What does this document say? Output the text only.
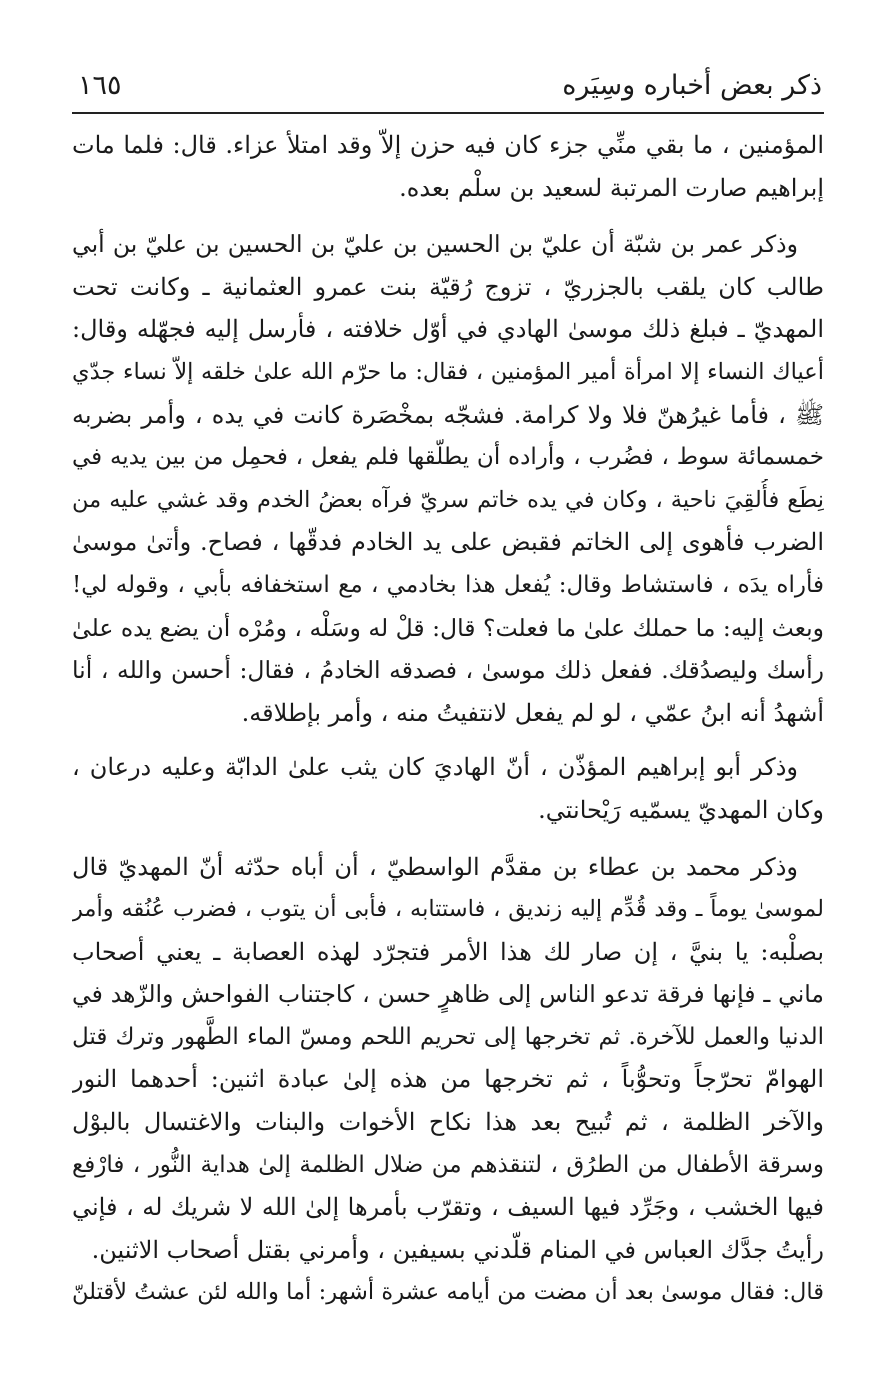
ذكر بعض أخباره وسِيَره
١٦٥
المؤمنين ، ما بقي منِّي جزء كان فيه حزن إلاّ وقد امتلأ عزاء. قال: فلما مات
إبراهيم صارت المرتبة لسعيد بن سلْم بعده.
وذكر عمر بن شبّة أن عليّ بن الحسين بن عليّ بن الحسين بن عليّ بن أبي
طالب كان يلقب بالجزريّ ، تزوج رُقيّة بنت عمرو العثمانية ـ وكانت تحت
المهديّ ـ فبلغ ذلك موسىٰ الهادي في أوّل خلافته ، فأرسل إليه فجهّله وقال:
أعياك النساء إلا امرأة أمير المؤمنين ، فقال: ما حرّم الله علىٰ خلقه إلاّ نساء جدّي
ﷺ ، فأما غيرُهنّ فلا ولا كرامة. فشجّه بمخْصَرة كانت في يده ، وأمر بضربه
خمسمائة سوط ، فضُرب ، وأراده أن يطلّقها فلم يفعل ، فحمِل من بين يديه في
نِطَع فأُلقِيَ ناحية ، وكان في يده خاتم سريّ فرآه بعضُ الخدم وقد غشي عليه من
الضرب فأهوى إلى الخاتم فقبض على يد الخادم فدقّها ، فصاح. وأتىٰ موسىٰ
فأراه يدَه ، فاستشاط وقال: يُفعل هذا بخادمي ، مع استخفافه بأبي ، وقوله لي!
وبعث إليه: ما حملك علىٰ ما فعلت؟ قال: قلْ له وسَلْه ، ومُرْه أن يضع يده علىٰ
رأسك وليصدُقك. ففعل ذلك موسىٰ ، فصدقه الخادمُ ، فقال: أحسن والله ، أنا
أشهدُ أنه ابنُ عمّي ، لو لم يفعل لانتفيتُ منه ، وأمر بإطلاقه.
وذكر أبو إبراهيم المؤذّن ، أنّ الهاديَ كان يثب علىٰ الدابّة وعليه درعان ،
وكان المهديّ يسمّيه رَيْحانتي.
وذكر محمد بن عطاء بن مقدَّم الواسطيّ ، أن أباه حدّثه أنّ المهديّ قال
لموسىٰ يوماً ـ وقد قُدِّم إليه زنديق ، فاستتابه ، فأبى أن يتوب ، فضرب عُنُقه وأمر
بصلْبه: يا بنيَّ ، إن صار لك هذا الأمر فتجرّد لهذه العصابة ـ يعني أصحاب
ماني ـ فإنها فرقة تدعو الناس إلى ظاهرٍ حسن ، كاجتناب الفواحش والزّهد في
الدنيا والعمل للآخرة. ثم تخرجها إلى تحريم اللحم ومسّ الماء الطَّهور وترك قتل
الهوامّ تحرّجاً وتحوُّباً ، ثم تخرجها من هذه إلىٰ عبادة اثنين: أحدهما النور
والآخر الظلمة ، ثم تُبيح بعد هذا نكاح الأخوات والبنات والاغتسال بالبوْل
وسرقة الأطفال من الطرُق ، لتنقذهم من ضلال الظلمة إلىٰ هداية النُّور ، فارْفع
فيها الخشب ، وجَرِّد فيها السيف ، وتقرّب بأمرها إلىٰ الله لا شريك له ، فإني
رأيتُ جدَّك العباس في المنام قلّدني بسيفين ، وأمرني بقتل أصحاب الاثنين.
قال: فقال موسىٰ بعد أن مضت من أيامه عشرة أشهر: أما والله لئن عشتُ لأقتلنّ
